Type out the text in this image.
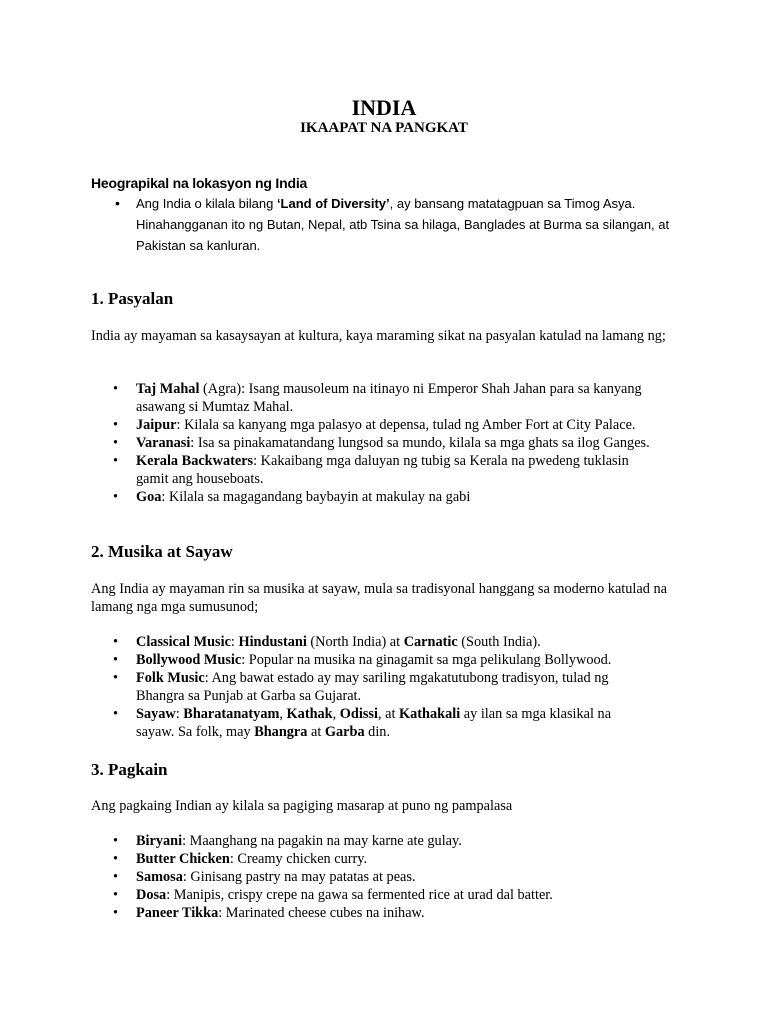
INDIA
IKAAPAT NA PANGKAT
Heograpikal na lokasyon ng India
• Ang India o kilala bilang ‘Land of Diversity’, ay bansang matatagpuan sa Timog Asya. Hinahangganan ito ng Butan, Nepal, atb Tsina sa hilaga, Banglades at Burma sa silangan, at Pakistan sa kanluran.
1. Pasyalan
India ay mayaman sa kasaysayan at kultura, kaya maraming sikat na pasyalan katulad na lamang ng;
• Taj Mahal (Agra): Isang mausoleum na itinayo ni Emperor Shah Jahan para sa kanyang asawang si Mumtaz Mahal.
• Jaipur: Kilala sa kanyang mga palasyo at depensa, tulad ng Amber Fort at City Palace.
• Varanasi: Isa sa pinakamatandang lungsod sa mundo, kilala sa mga ghats sa ilog Ganges.
• Kerala Backwaters: Kakaibang mga daluyan ng tubig sa Kerala na pwedeng tuklasin gamit ang houseboats.
• Goa: Kilala sa magagandang baybayin at makulay na gabi
2. Musika at Sayaw
Ang India ay mayaman rin sa musika at sayaw, mula sa tradisyonal hanggang sa moderno katulad na lamang nga mga sumusunod;
• Classical Music: Hindustani (North India) at Carnatic (South India).
• Bollywood Music: Popular na musika na ginagamit sa mga pelikulang Bollywood.
• Folk Music: Ang bawat estado ay may sariling mgakatutubong tradisyon, tulad ng Bhangra sa Punjab at Garba sa Gujarat.
• Sayaw: Bharatanatyam, Kathak, Odissi, at Kathakali ay ilan sa mga klasikal na sayaw. Sa folk, may Bhangra at Garba din.
3. Pagkain
Ang pagkaing Indian ay kilala sa pagiging masarap at puno ng pampalasa
• Biryani: Maanghang na pagakin na may karne ate gulay.
• Butter Chicken: Creamy chicken curry.
• Samosa: Ginisang pastry na may patatas at peas.
• Dosa: Manipis, crispy crepe na gawa sa fermented rice at urad dal batter.
• Paneer Tikka: Marinated cheese cubes na inihaw.
